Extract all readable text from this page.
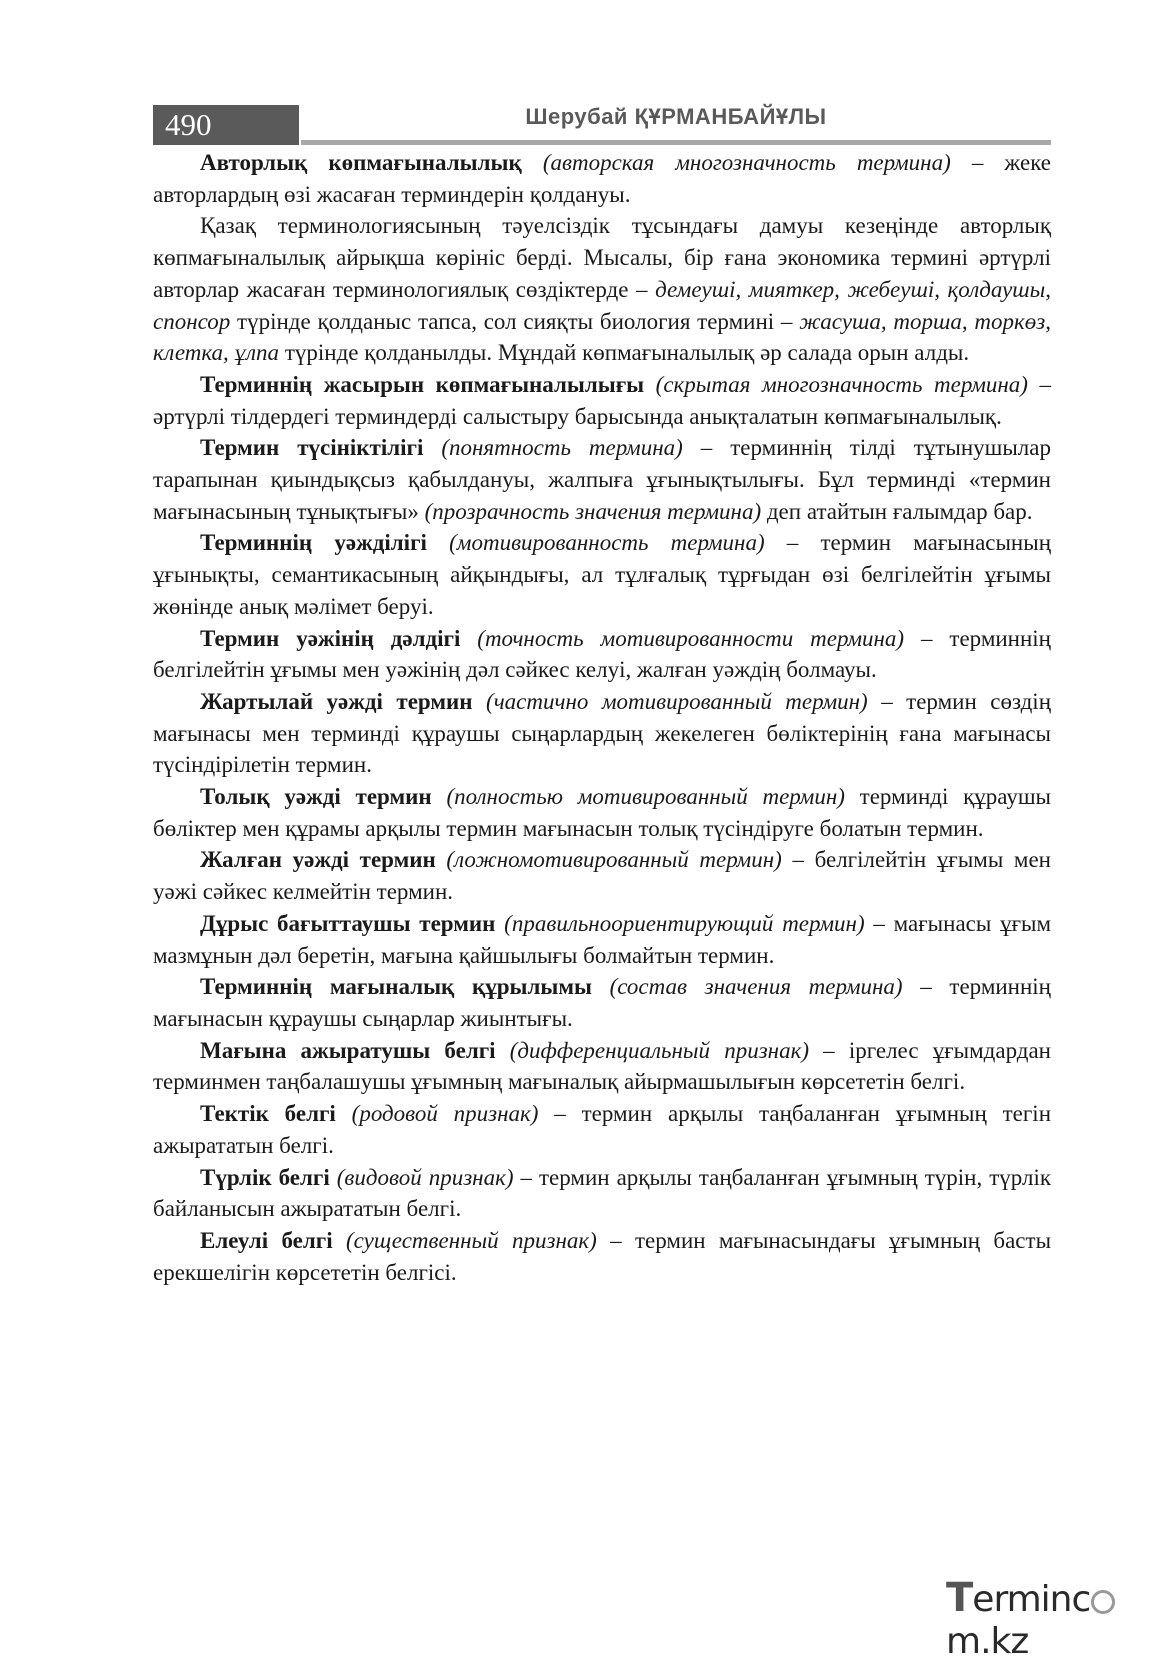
490	Шерубай ҚҰРМАНБАЙҰЛЫ

Авторлық көпмағыналылық (авторская многозначность термина) – жеке авторлардың өзі жасаған терминдерін қолдануы.

Қазақ терминологиясының тәуелсіздік тұсындағы дамуы кезеңінде авторлық көпмағыналылық айрықша көрініс берді. Мысалы, бір ғана экономика термині әртүрлі авторлар жасаған терминологиялық сөздіктерде – демеуші, мияткер, жебеуші, қолдаушы, спонсор түрінде қолданыс тапса, сол сияқты биология термині – жасуша, торша, торкөз, клетка, ұлпа түрінде қолданылды. Мұндай көпмағыналылық әр салада орын алды.

Терминнің жасырын көпмағыналылығы (скрытая многозначность термина) – әртүрлі тілдердегі терминдерді салыстыру барысында анықталатын көпмағыналылық.

Термин түсініктілігі (понятность термина) – терминнің тілді тұтынушылар тарапынан қиындықсыз қабылдануы, жалпыға ұғынықтылығы. Бұл терминді «термин мағынасының тұнықтығы» (прозрачность значения термина) деп атайтын ғалымдар бар.

Терминнің уәждiлiгі (мотивированность термина) – термин мағынасының ұғынықты, семантикасының айқындығы, ал тұлғалық тұрғыдан өзі белгілейтін ұғымы жөнінде анық мәлімет беруі.

Термин уәжінің дәлдігі (точность мотивированности термина) – терминнің белгілейтін ұғымы мен уәжінің дәл сәйкес келуі, жалған уәждің болмауы.

Жартылай уәжді термин (частично мотивированный термин) – термин сөздің мағынасы мен терминді құраушы сыңарлардың жекелеген бөліктерінің ғана мағынасы түсіндірілетін термин.

Толық уәжді термин (полностью мотивированный термин) терминді құраушы бөліктер мен құрамы арқылы термин мағынасын толық түсіндіруге болатын термин.

Жалған уәжді термин (ложномотивированный термин) – белгілейтін ұғымы мен уәжі сәйкес келмейтін термин.

Дұрыс бағыттаушы термин (правильноориентирующий термин) – мағынасы ұғым мазмұнын дәл беретін, мағына қайшылығы болмайтын термин.

Терминнің мағыналық құрылымы (состав значения термина) – терминнің мағынасын құраушы сыңарлар жиынтығы.

Мағына ажыратушы белгі (дифференциальный признак) – іргелес ұғымдардан терминмен таңбалашушы ұғымның мағыналық айырмашылығын көрсететін белгі.

Тектік белгі (родовой признак) – термин арқылы таңбаланған ұғымның тегін ажырататын белгі.

Түрлік белгі (видовой признак) – термин арқылы таңбаланған ұғымның түрін, түрлік байланысын ажырататын белгі.

Елеулі белгі (существенный признак) – термин мағынасындағы ұғымның басты ерекшелігін көрсететін белгісі.

Termincm.kz
